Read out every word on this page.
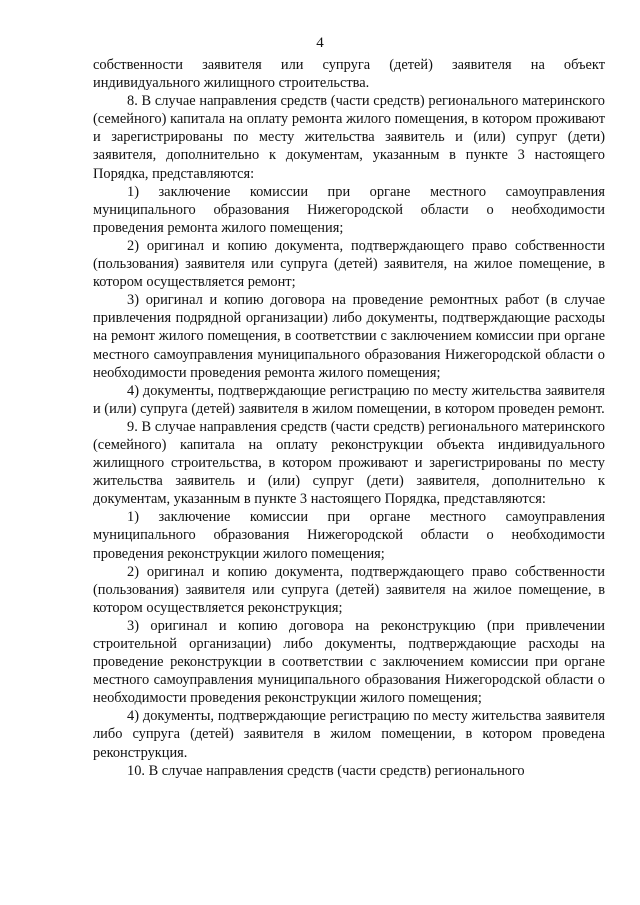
4

собственности заявителя или супруга (детей) заявителя на объект индивидуального жилищного строительства.

8. В случае направления средств (части средств) регионального материнского (семейного) капитала на оплату ремонта жилого помещения, в котором проживают и зарегистрированы по месту жительства заявитель и (или) супруг (дети) заявителя, дополнительно к документам, указанным в пункте 3 настоящего Порядка, представляются:

1) заключение комиссии при органе местного самоуправления муниципального образования Нижегородской области о необходимости проведения ремонта жилого помещения;

2) оригинал и копию документа, подтверждающего право собственности (пользования) заявителя или супруга (детей) заявителя, на жилое помещение, в котором осуществляется ремонт;

3) оригинал и копию договора на проведение ремонтных работ (в случае привлечения подрядной организации) либо документы, подтверждающие расходы на ремонт жилого помещения, в соответствии с заключением комиссии при органе местного самоуправления муниципального образования Нижегородской области о необходимости проведения ремонта жилого помещения;

4) документы, подтверждающие регистрацию по месту жительства заявителя и (или) супруга (детей) заявителя в жилом помещении, в котором проведен ремонт.

9. В случае направления средств (части средств) регионального материнского (семейного) капитала на оплату реконструкции объекта индивидуального жилищного строительства, в котором проживают и зарегистрированы по месту жительства заявитель и (или) супруг (дети) заявителя, дополнительно к документам, указанным в пункте 3 настоящего Порядка, представляются:

1) заключение комиссии при органе местного самоуправления муниципального образования Нижегородской области о необходимости проведения реконструкции жилого помещения;

2) оригинал и копию документа, подтверждающего право собственности (пользования) заявителя или супруга (детей) заявителя на жилое помещение, в котором осуществляется реконструкция;

3) оригинал и копию договора на реконструкцию (при привлечении строительной организации) либо документы, подтверждающие расходы на проведение реконструкции в соответствии с заключением комиссии при органе местного самоуправления муниципального образования Нижегородской области о необходимости проведения реконструкции жилого помещения;

4) документы, подтверждающие регистрацию по месту жительства заявителя либо супруга (детей) заявителя в жилом помещении, в котором проведена реконструкция.

10. В случае направления средств (части средств) регионального
